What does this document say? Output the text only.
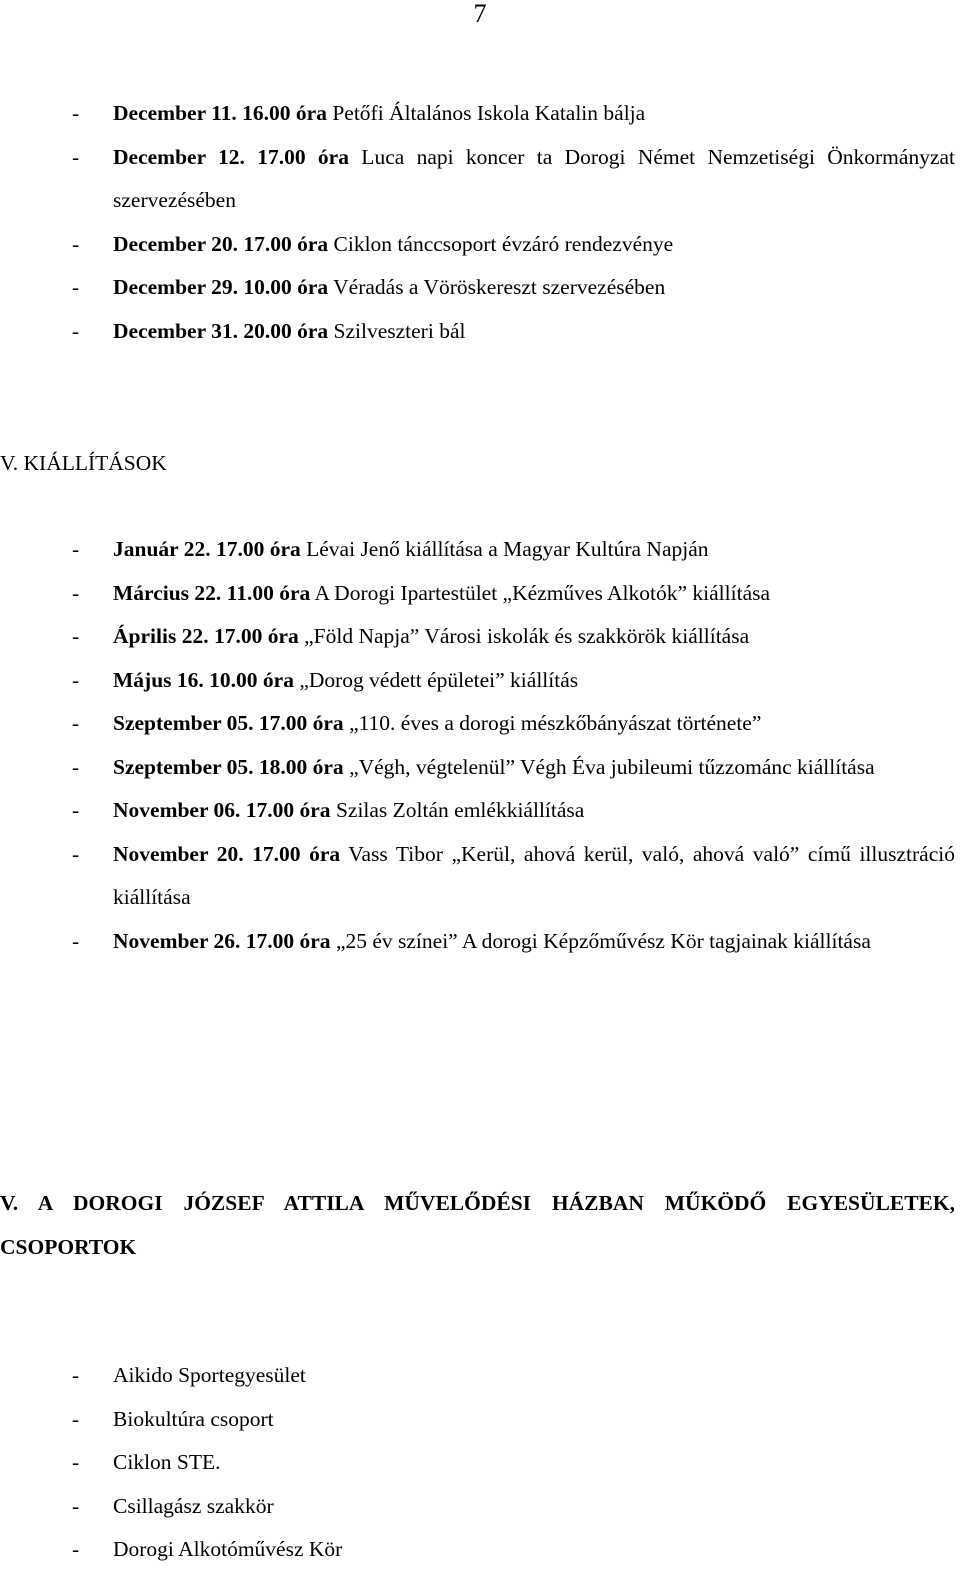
7
- December 11. 16.00 óra Petőfi Általános Iskola Katalin bálja
- December 12. 17.00 óra Luca napi koncer ta Dorogi Német Nemzetiségi Önkormányzat szervezésében
- December 20. 17.00 óra Ciklon tánccsoport évzáró rendezvénye
- December 29. 10.00 óra Véradás a Vöröskereszt szervezésében
- December 31. 20.00 óra Szilveszteri bál
V. KIÁLLÍTÁSOK
- Január 22. 17.00 óra Lévai Jenő kiállítása a Magyar Kultúra Napján
- Március 22. 11.00 óra A Dorogi Ipartestület „Kézműves Alkotók” kiállítása
- Április 22. 17.00 óra „Föld Napja” Városi iskolák és szakkörök kiállítása
- Május 16. 10.00 óra „Dorog védett épületei” kiállítás
- Szeptember 05. 17.00 óra „110. éves a dorogi mészkőbányászat története”
- Szeptember 05. 18.00 óra „Végh, végtelenül” Végh Éva jubileumi tűzzománc kiállítása
- November 06. 17.00 óra Szilas Zoltán emlékkiállítása
- November 20. 17.00 óra Vass Tibor „Kerül, ahová kerül, való, ahová való” című illusztráció kiállítása
- November 26. 17.00 óra „25 év színei” A dorogi Képzőművész Kör tagjainak kiállítása
V. A DOROGI JÓZSEF ATTILA MŰVELŐDÉSI HÁZBAN MŰKÖDŐ EGYESÜLETEK, CSOPORTOK
- Aikido Sportegyesület
- Biokultúra csoport
- Ciklon STE.
- Csillagász szakkör
- Dorogi Alkotóművész Kör
